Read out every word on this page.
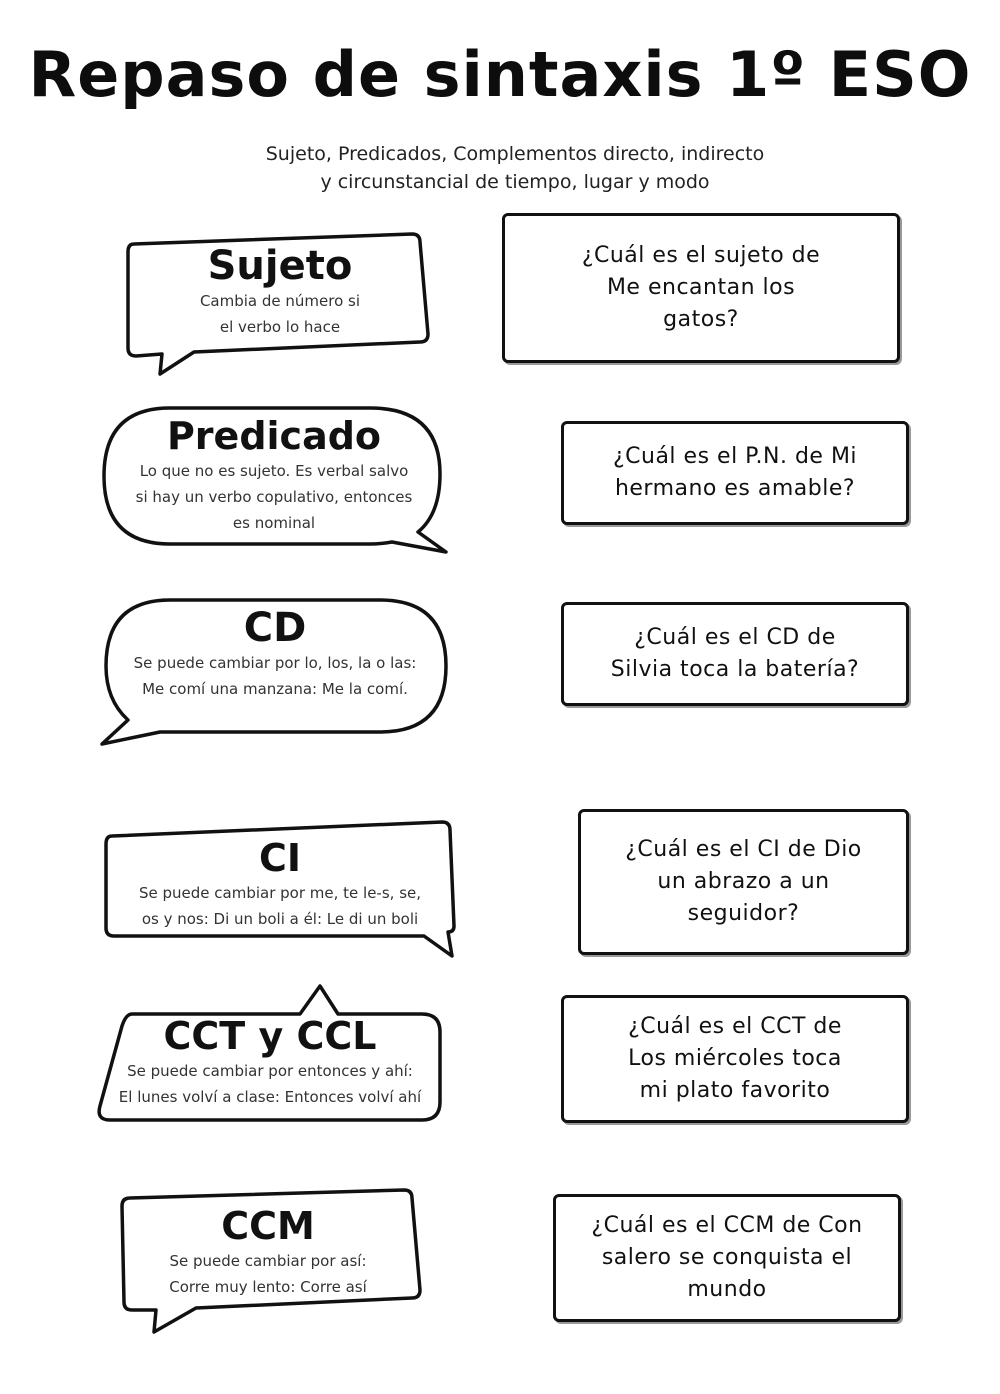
Repaso de sintaxis 1º ESO
Sujeto, Predicados, Complementos directo, indirecto
y circunstancial de tiempo, lugar y modo
Sujeto
Cambia de número si
el verbo lo hace
Predicado
Lo que no es sujeto. Es verbal salvo
si hay un verbo copulativo, entonces
es nominal
CD
Se puede cambiar por lo, los, la o las:
Me comí una manzana: Me la comí.
CI
Se puede cambiar por me, te le-s, se,
os y nos: Di un boli a él: Le di un boli
CCT y CCL
Se puede cambiar por entonces y ahí:
El lunes volví a clase: Entonces volví ahí
CCM
Se puede cambiar por así:
Corre muy lento: Corre así
¿Cuál es el sujeto de
Me encantan los
gatos?
¿Cuál es el P.N. de Mi
hermano es amable?
¿Cuál es el CD de
Silvia toca la batería?
¿Cuál es el CI de Dio
un abrazo a un
seguidor?
¿Cuál es el CCT de
Los miércoles toca
mi plato favorito
¿Cuál es el CCM de Con
salero se conquista el
mundo
